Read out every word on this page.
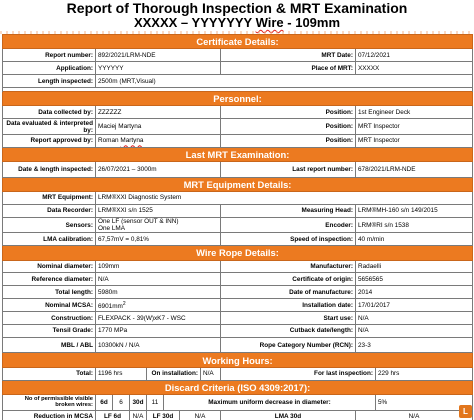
Report of Thorough Inspection & MRT Examination
XXXXX – YYYYYYY Wire - 109mm
Certificate Details:										
Report number:	892/2021/LRM-NDE							MRT Date:	07/12/2021	
Application:	YYYYYY							Place of MRT:	XXXXX	
Length inspected:	2500m (MRT,Visual)									

Personnel:										
Data collected by:	ZZZZZZ							Position:	1st Engineer Deck	
Data evaluated & interpreted by:	Maciej Martyna							Position:	MRT Inspector	
Report approved by:	Roman Martyna							Position:	MRT Inspector	
Last MRT Examination:										
Date & length inspected:	26/07/2021 – 3000m							Last report number:	678/2021/LRM-NDE	
MRT Equipment Details:										
MRT Equipment:	LRM®XXI Diagnostic System									
Data Recorder:	LRM®XXI s/n 1525							Measuring Head:	LRM®MH-160 s/n 149/2015	
Sensors:	One LF (sensor OUT & INN)
One LMA							Encoder:	LRM®RI s/n 1538	
LMA calibration:	67,57mV = 0,81%							Speed of inspection:	40 m/min	
Wire Rope Details:										
Nominal diameter:	109mm							Manufacturer:	Radaelli	
Reference diameter:	N/A							Certificate of origin:	5656565	
Total length:	5980m							Date of manufacture:	2014	
Nominal MCSA:	$6901mm^2$							Installation date:	17/01/2017	
Construction:	FLEXPACK - 39(W)xK7 - WSC							Start use:	N/A	
Tensil Grade:	1770 MPa							Cutback date/length:	N/A	
MBL / ABL	10300kN / N/A							Rope Category Number (RCN):	23-3	
Working Hours:										
Total:	1196 hrs			On installation:			N/A	For last inspection:		229 hrs
Discard Criteria (ISO 4309:2017):										
No of permissible visible broken wires:	6d	6	30d	11	Maximum uniform decrease in diameter:					5%
Reduction in MCSA	LF 6d		N/A	LF 30d		N/A		LMA 30d	N/A	
L
